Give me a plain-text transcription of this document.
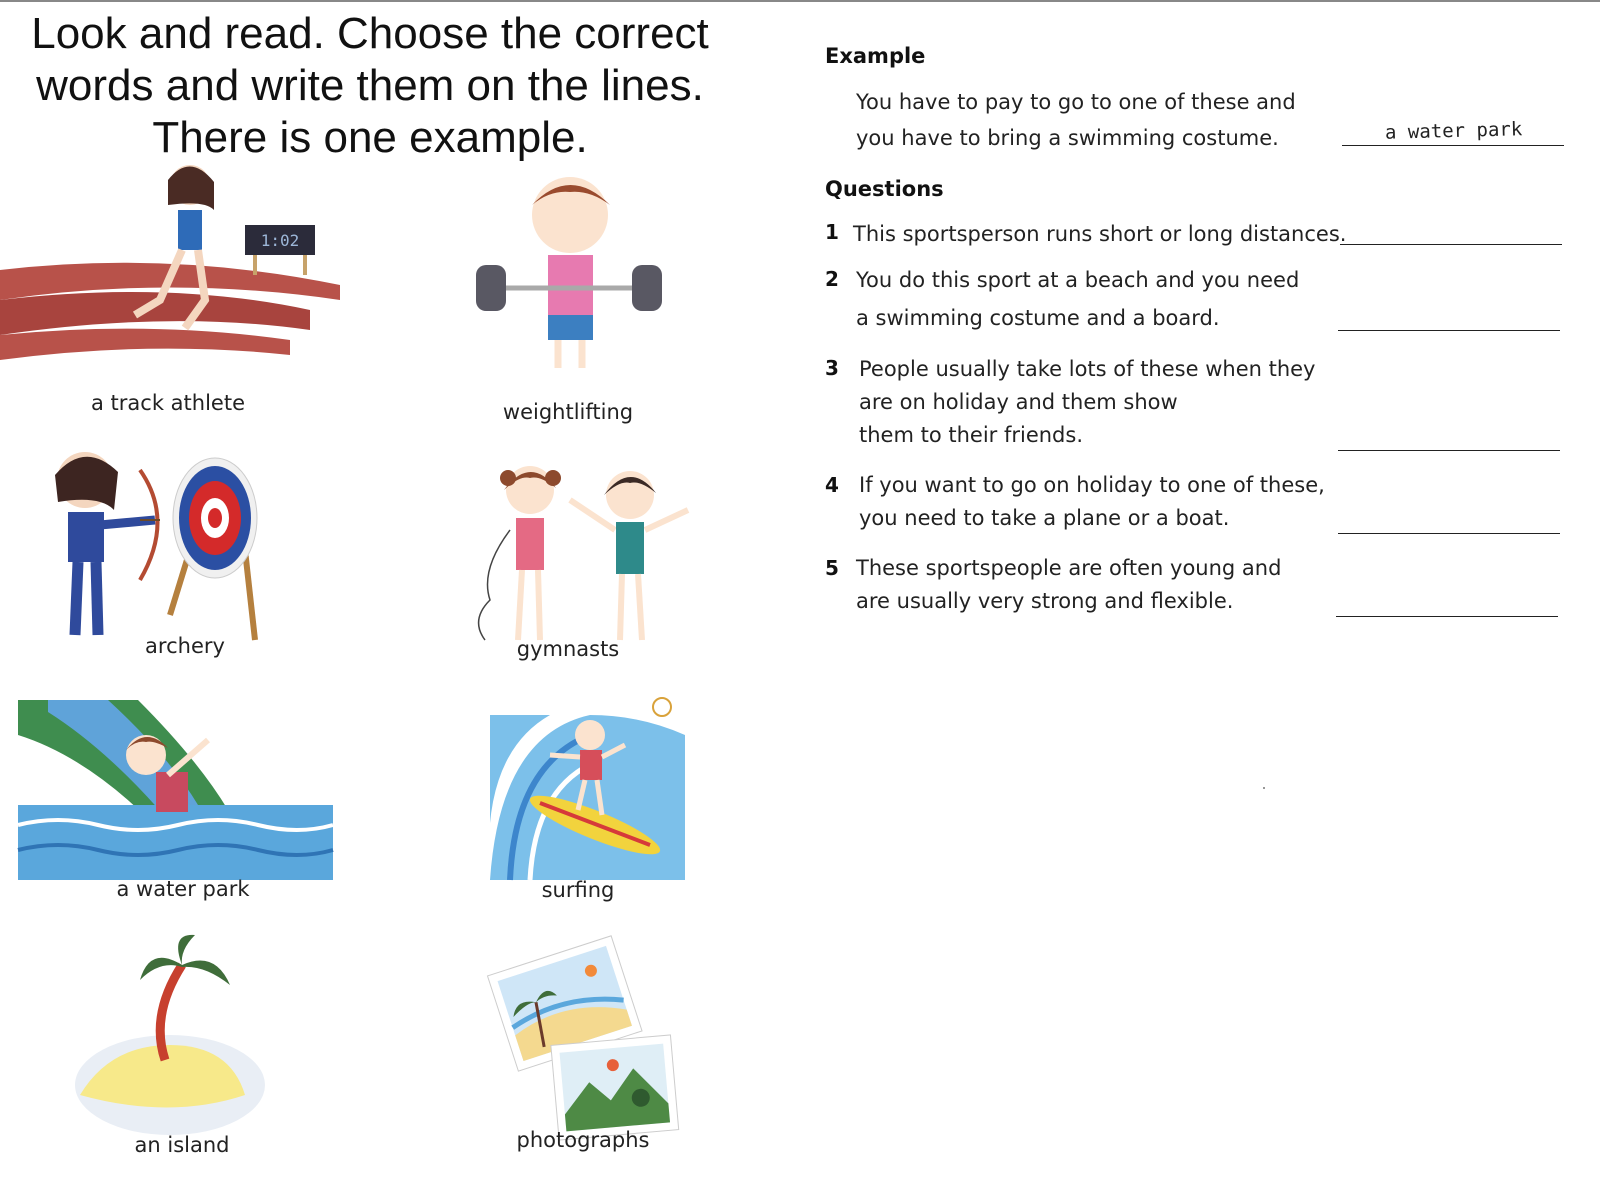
Look and read. Choose the correct words and write them on the lines. There is one example.
1:02
a track athlete	weightlifting
archery	gymnasts
a water park	surfing
an island	photographs
Example
You have to pay to go to one of these and
you have to bring a swimming costume.	a water park
Questions
1 This sportsperson runs short or long distances.
2 You do this sport at a beach and you need
a swimming costume and a board.
3 People usually take lots of these when they
are on holiday and them show
them to their friends.
4 If you want to go on holiday to one of these,
you need to take a plane or a boat.
5 These sportspeople are often young and
are usually very strong and flexible.
